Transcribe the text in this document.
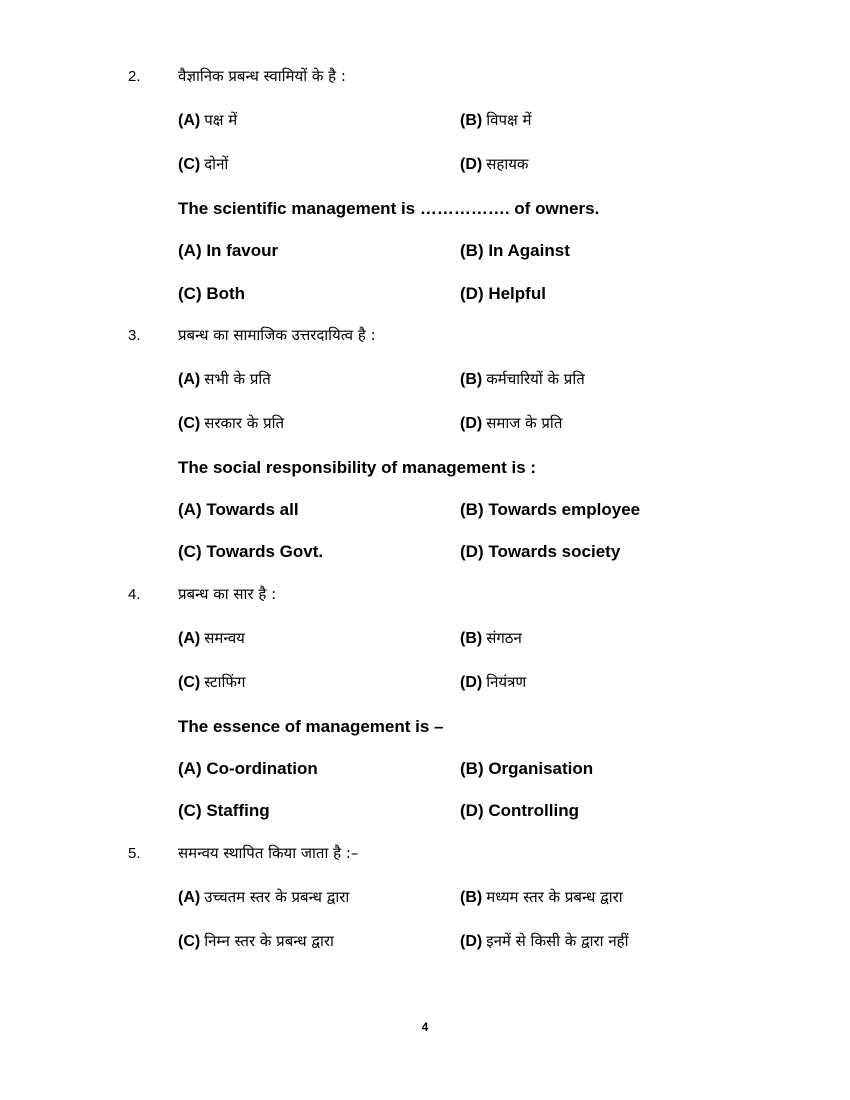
2. वैज्ञानिक प्रबन्ध स्वामियों के है :
(A) पक्ष में	(B) विपक्ष में
(C) दोनों	(D) सहायक
The scientific management is ……………. of owners.
(A) In favour	(B) In Against
(C) Both	(D) Helpful
3. प्रबन्ध का सामाजिक उत्तरदायित्व है :
(A) सभी के प्रति	(B) कर्मचारियों के प्रति
(C) सरकार के प्रति	(D) समाज के प्रति
The social responsibility of management is :
(A) Towards all	(B) Towards employee
(C) Towards Govt.	(D) Towards society
4. प्रबन्ध का सार है :
(A) समन्वय	(B) संगठन
(C) स्टाफिंग	(D) नियंत्रण
The essence of management is –
(A) Co-ordination	(B) Organisation
(C) Staffing	(D) Controlling
5. समन्वय स्थापित किया जाता है :–
(A) उच्चतम स्तर के प्रबन्ध द्वारा	(B) मध्यम स्तर के प्रबन्ध द्वारा
(C) निम्न स्तर के प्रबन्ध द्वारा	(D) इनमें से किसी के द्वारा नहीं
4
